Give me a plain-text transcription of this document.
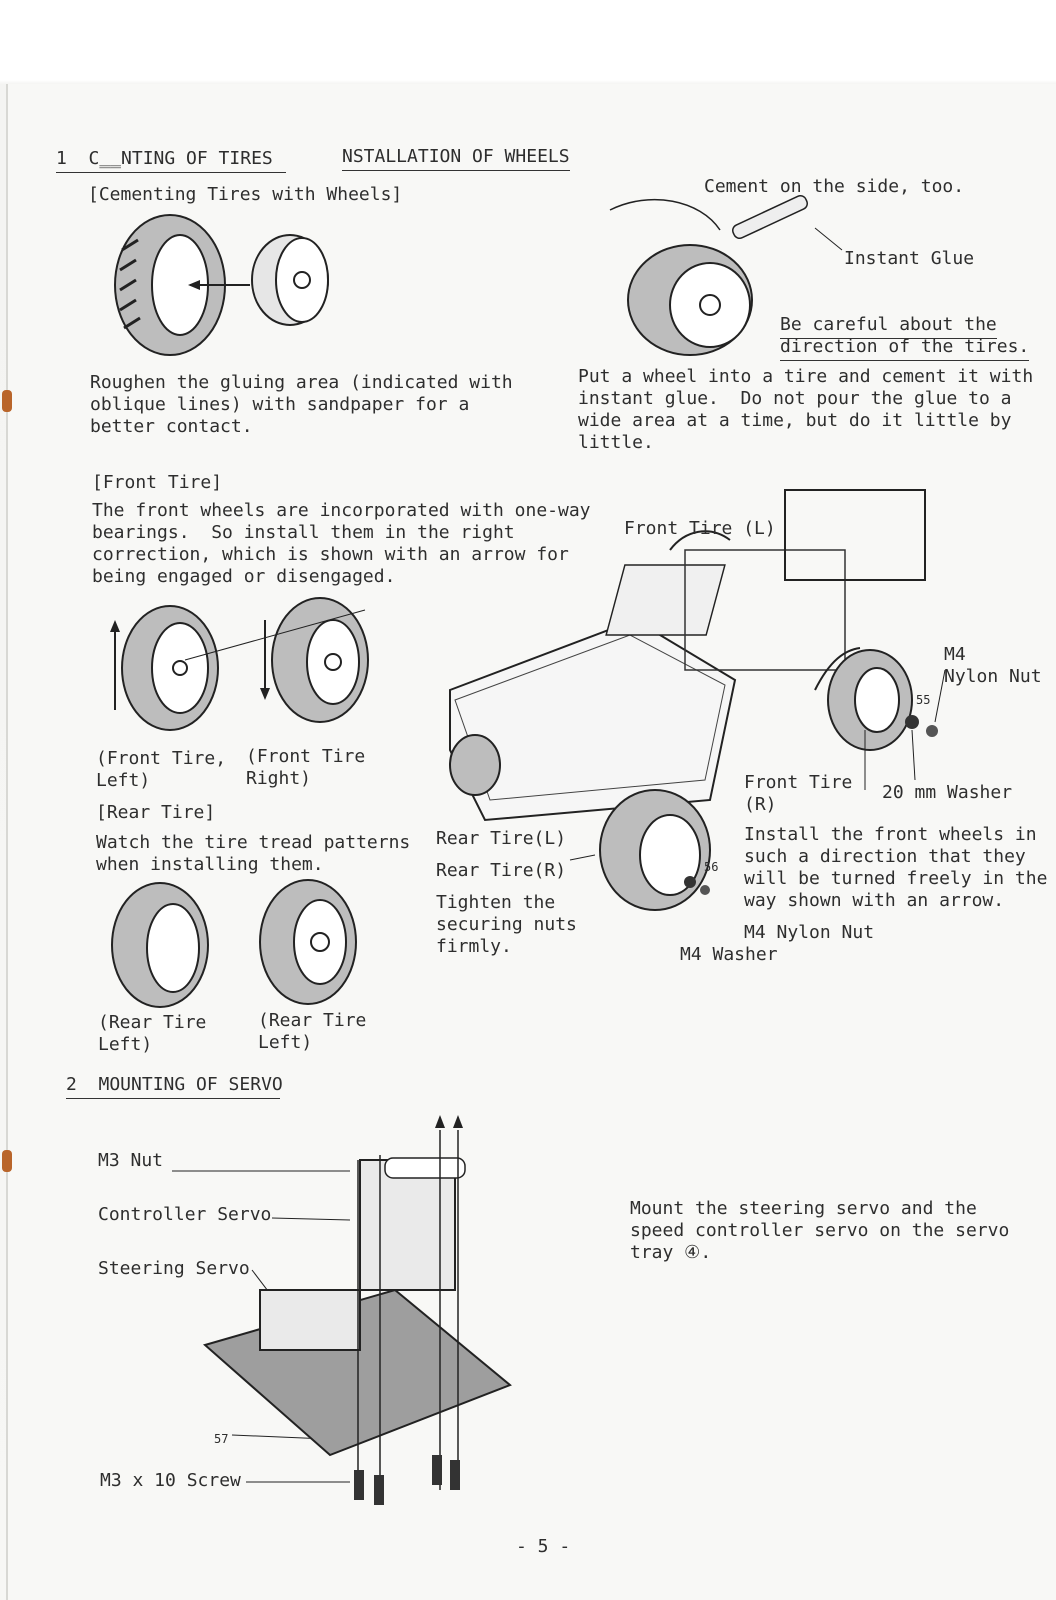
1  C‗‗NTING OF TIRES	NSTALLATION OF WHEELS
[Cementing Tires with Wheels]
Roughen the gluing area (indicated with
oblique lines) with sandpaper for a
better contact.
Cement on the side, too.
Instant Glue
Be careful about the
direction of the tires.
Put a wheel into a tire and cement it with
instant glue.  Do not pour the glue to a
wide area at a time, but do it little by
little.
[Front Tire]
The front wheels are incorporated with one-way
bearings.  So install them in the right
correction, which is shown with an arrow for
being engaged or disengaged.
(Front Tire,
Left)
(Front Tire
Right)
[Rear Tire]
Watch the tire tread patterns
when installing them.
(Rear Tire
Left)
(Rear Tire
Left)
Front Tire (L)
M4
Nylon Nut
55
Front Tire
(R)
20 mm Washer
Rear Tire(L)
Rear Tire(R)
Tighten the
securing nuts
firmly.
56
Install the front wheels in
such a direction that they
will be turned freely in the
way shown with an arrow.
M4 Nylon Nut
M4 Washer
2  MOUNTING OF SERVO
M3 Nut
Controller Servo
Steering Servo
57
M3 x 10 Screw
Mount the steering servo and the
speed controller servo on the servo
tray ④.
- 5 -
